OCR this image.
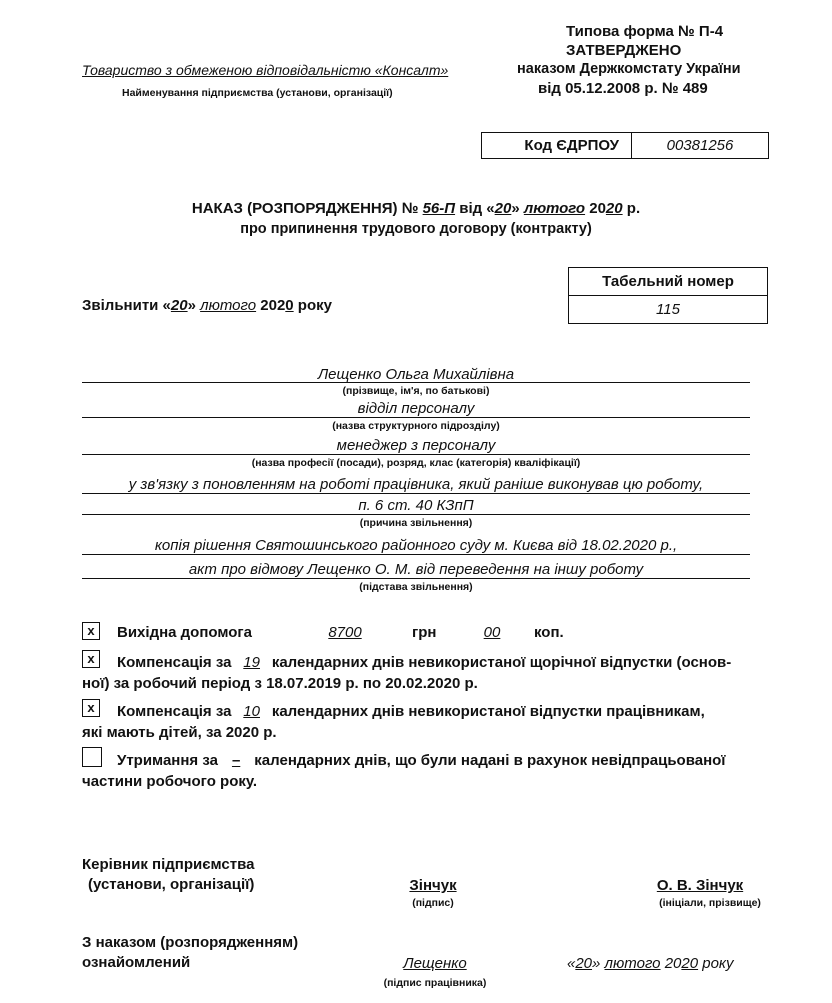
Типова форма № П-4
ЗАТВЕРДЖЕНО
наказом Держкомстату України
від 05.12.2008 р. № 489
Товариство з обмеженою відповідальністю «Консалт»
Найменування підприємства (установи, організації)
Код ЄДРПОУ	00381256
НАКАЗ (РОЗПОРЯДЖЕННЯ) № 56-П від «20» лютого 2020 р.
про припинення трудового договору (контракту)
Табельний номер
115
Звільнити «20» лютого 2020 року
Лещенко Ольга Михайлівна
(прізвище, ім'я, по батькові)
відділ персоналу
(назва структурного підрозділу)
менеджер з персоналу
(назва професії (посади), розряд, клас (категорія) кваліфікації)
у зв'язку з поновленням на роботі працівника, який раніше виконував цю роботу,
п. 6 ст. 40 КЗпП
(причина звільнення)
копія рішення Святошинського районного суду м. Києва від 18.02.2020 р.,
акт про відмову Лещенко О. М. від переведення на іншу роботу
(підстава звільнення)
x	Вихідна допомога	8700	грн	00	коп.
x	Компенсація за 19 календарних днів невикористаної щорічної відпустки (основ-
ної) за робочий період з 18.07.2019 р. по 20.02.2020 р.
x	Компенсація за 10 календарних днів невикористаної відпустки працівникам,
які мають дітей, за 2020 р.
Утримання за – календарних днів, що були надані в рахунок невідпрацьованої
частини робочого року.
Керівник підприємства
(установи, організації)	Зінчук
(підпис)
О. В. Зінчук
(ініціали, прізвище)
З наказом (розпорядженням)
ознайомлений	Лещенко
(підпис працівника)
«20» лютого 2020 року
